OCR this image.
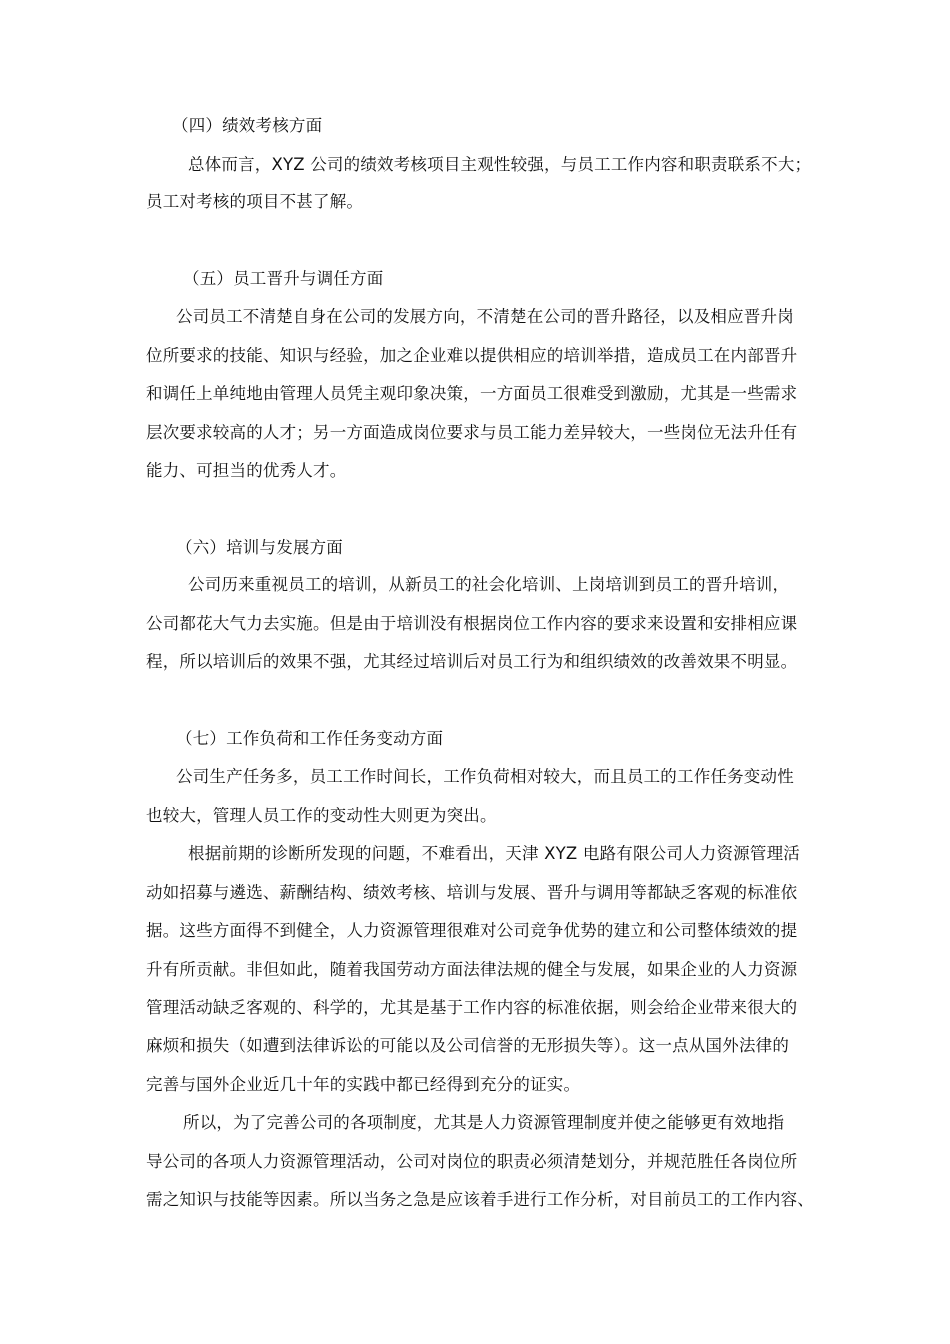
（四）绩效考核方面
总体而言，XYZ 公司的绩效考核项目主观性较强，与员工工作内容和职责联系不大；
员工对考核的项目不甚了解。
（五）员工晋升与调任方面
公司员工不清楚自身在公司的发展方向，不清楚在公司的晋升路径，以及相应晋升岗
位所要求的技能、知识与经验，加之企业难以提供相应的培训举措，造成员工在内部晋升
和调任上单纯地由管理人员凭主观印象决策，一方面员工很难受到激励，尤其是一些需求
层次要求较高的人才；另一方面造成岗位要求与员工能力差异较大，一些岗位无法升任有
能力、可担当的优秀人才。
（六）培训与发展方面
公司历来重视员工的培训，从新员工的社会化培训、上岗培训到员工的晋升培训，
公司都花大气力去实施。但是由于培训没有根据岗位工作内容的要求来设置和安排相应课
程，所以培训后的效果不强，尤其经过培训后对员工行为和组织绩效的改善效果不明显。
（七）工作负荷和工作任务变动方面
公司生产任务多，员工工作时间长，工作负荷相对较大，而且员工的工作任务变动性
也较大，管理人员工作的变动性大则更为突出。
根据前期的诊断所发现的问题，不难看出，天津 XYZ 电路有限公司人力资源管理活
动如招募与遴选、薪酬结构、绩效考核、培训与发展、晋升与调用等都缺乏客观的标准依
据。这些方面得不到健全，人力资源管理很难对公司竞争优势的建立和公司整体绩效的提
升有所贡献。非但如此，随着我国劳动方面法律法规的健全与发展，如果企业的人力资源
管理活动缺乏客观的、科学的，尤其是基于工作内容的标准依据，则会给企业带来很大的
麻烦和损失（如遭到法律诉讼的可能以及公司信誉的无形损失等）。这一点从国外法律的
完善与国外企业近几十年的实践中都已经得到充分的证实。
所以，为了完善公司的各项制度，尤其是人力资源管理制度并使之能够更有效地指
导公司的各项人力资源管理活动，公司对岗位的职责必须清楚划分，并规范胜任各岗位所
需之知识与技能等因素。所以当务之急是应该着手进行工作分析，对目前员工的工作内容、
